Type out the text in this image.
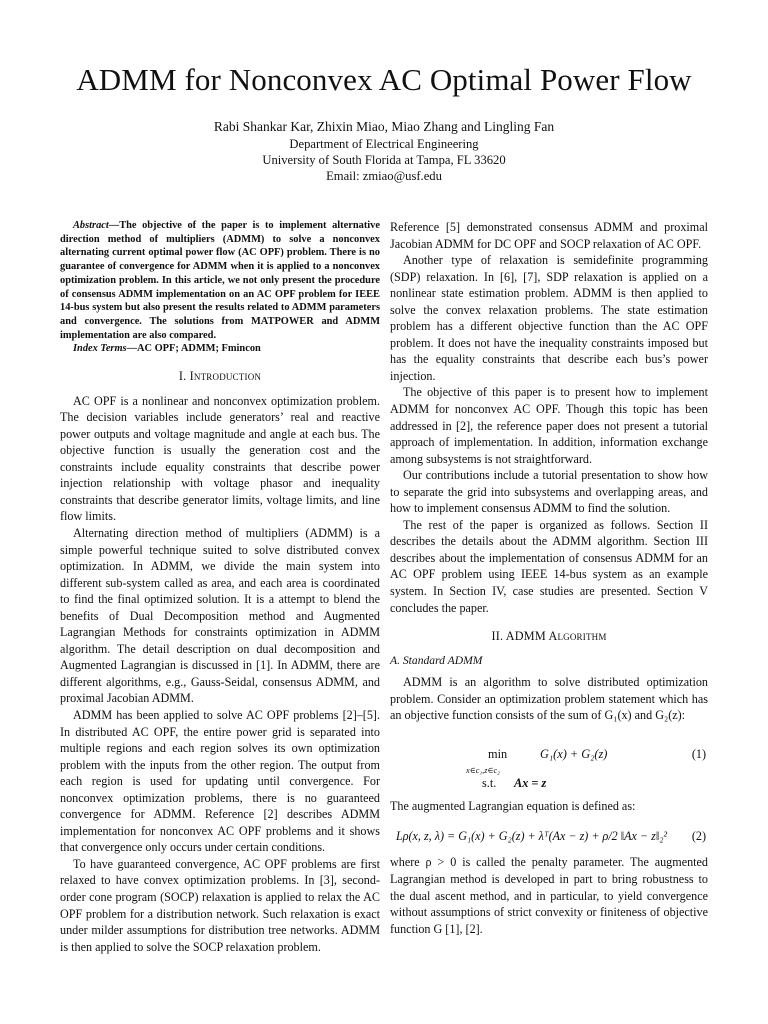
ADMM for Nonconvex AC Optimal Power Flow
Rabi Shankar Kar, Zhixin Miao, Miao Zhang and Lingling Fan
Department of Electrical Engineering
University of South Florida at Tampa, FL 33620
Email: zmiao@usf.edu

Abstract—The objective of the paper is to implement alternative direction method of multipliers (ADMM) to solve a nonconvex alternating current optimal power flow (AC OPF) problem. There is no guarantee of convergence for ADMM when it is applied to a nonconvex optimization problem. In this article, we not only present the procedure of consensus ADMM implementation on an AC OPF problem for IEEE 14-bus system but also present the results related to ADMM parameters and convergence. The solutions from MATPOWER and ADMM implementation are also compared.

Index Terms—AC OPF; ADMM; Fmincon

I. Introduction

AC OPF is a nonlinear and nonconvex optimization problem. The decision variables include generators’ real and reactive power outputs and voltage magnitude and angle at each bus. The objective function is usually the generation cost and the constraints include equality constraints that describe power injection relationship with voltage phasor and inequality constraints that describe generator limits, voltage limits, and line flow limits.

Alternating direction method of multipliers (ADMM) is a simple powerful technique suited to solve distributed convex optimization. In ADMM, we divide the main system into different sub-system called as area, and each area is coordinated to find the final optimized solution. It is a attempt to blend the benefits of Dual Decomposition method and Augmented Lagrangian Methods for constraints optimization in ADMM algorithm. The detail description on dual decomposition and Augmented Lagrangian is discussed in [1]. In ADMM, there are different algorithms, e.g., Gauss-Seidal, consensus ADMM, and proximal Jacobian ADMM.

ADMM has been applied to solve AC OPF problems [2]–[5]. In distributed AC OPF, the entire power grid is separated into multiple regions and each region solves its own optimization problem with the inputs from the other region. The output from each region is used for updating until convergence. For nonconvex optimization problems, there is no guaranteed convergence for ADMM. Reference [2] describes ADMM implementation for nonconvex AC OPF problems and it shows that convergence only occurs under certain conditions.

To have guaranteed convergence, AC OPF problems are first relaxed to have convex optimization problems. In [3], second-order cone program (SOCP) relaxation is applied to relax the AC OPF problem for a distribution network. Such relaxation is exact under milder assumptions for distribution tree networks. ADMM is then applied to solve the SOCP relaxation problem.

Reference [5] demonstrated consensus ADMM and proximal Jacobian ADMM for DC OPF and SOCP relaxation of AC OPF.

Another type of relaxation is semidefinite programming (SDP) relaxation. In [6], [7], SDP relaxation is applied on a nonlinear state estimation problem. ADMM is then applied to solve the convex relaxation problems. The state estimation problem has a different objective function than the AC OPF problem. It does not have the inequality constraints imposed but has the equality constraints that describe each bus’s power injection.

The objective of this paper is to present how to implement ADMM for nonconvex AC OPF. Though this topic has been addressed in [2], the reference paper does not present a tutorial approach of implementation. In addition, information exchange among subsystems is not straightforward.

Our contributions include a tutorial presentation to show how to separate the grid into subsystems and overlapping areas, and how to implement consensus ADMM to find the solution.

The rest of the paper is organized as follows. Section II describes the details about the ADMM algorithm. Section III describes about the implementation of consensus ADMM for an AC OPF problem using IEEE 14-bus system as an example system. In Section IV, case studies are presented. Section V concludes the paper.

II. ADMM Algorithm
A. Standard ADMM

ADMM is an algorithm to solve distributed optimization problem. Consider an optimization problem statement which has an objective function consists of the sum of G₁(x) and G₂(z):

min
x∈c₁,z∈c₂
G₁(x) + G₂(z)	(1)
s.t. Ax = z

The augmented Lagrangian equation is defined as:

Lρ(x, z, λ) = G₁(x) + G₂(z) + λᵀ(Ax − z) + ρ/2 ‖Ax − z‖₂² (2)

where ρ > 0 is called the penalty parameter. The augmented Lagrangian method is developed in part to bring robustness to the dual ascent method, and in particular, to yield convergence without assumptions of strict convexity or finiteness of objective function G [1], [2].
